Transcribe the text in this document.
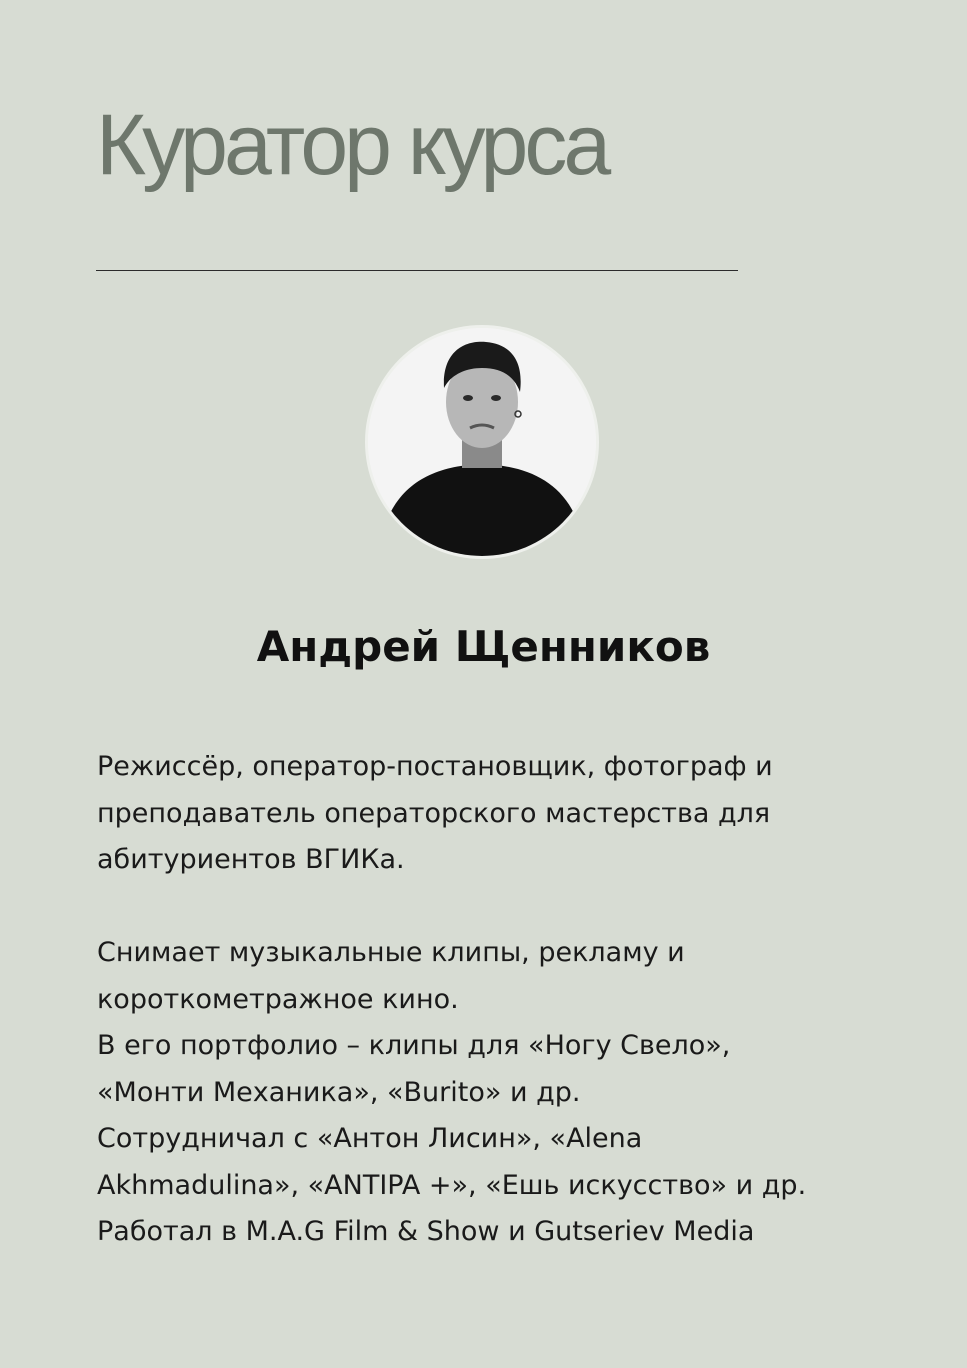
Куратор курса
Андрей Щенников

Режиссёр, оператор-постановщик, фотограф и

преподаватель операторского мастерства для

абитуриентов ВГИКа.

Снимает музыкальные клипы, рекламу и

короткометражное кино.

В его портфолио – клипы для «Ногу Свело»,

«Монти Механика», «Burito» и др.

Сотрудничал с «Антон Лисин», «Alena

Akhmadulina», «ANTIPA +», «Ешь искусство» и др.

Работал в M.A.G Film & Show и Gutseriev Media
